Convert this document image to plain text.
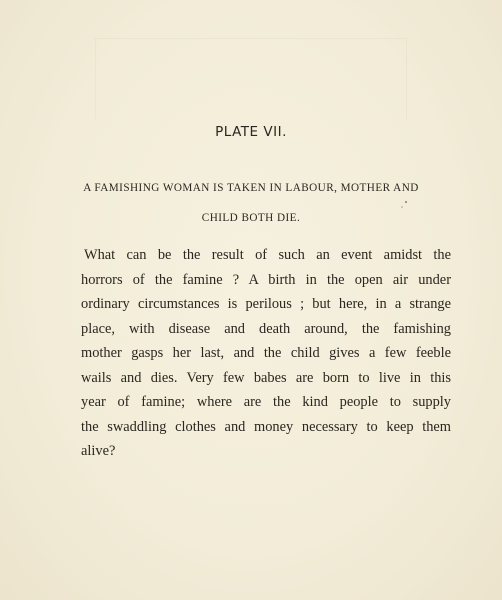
PLATE VII.
A FAMISHING WOMAN IS TAKEN IN LABOUR, MOTHER AND
CHILD BOTH DIE.
What can be the result of such an event amidst the
horrors of the famine ? A birth in the open air under
ordinary circumstances is perilous ; but here, in a strange
place, with disease and death around, the famishing
mother gasps her last, and the child gives a few feeble
wails and dies. Very few babes are born to live in this
year of famine; where are the kind people to supply
the swaddling clothes and money necessary to keep them
alive?
